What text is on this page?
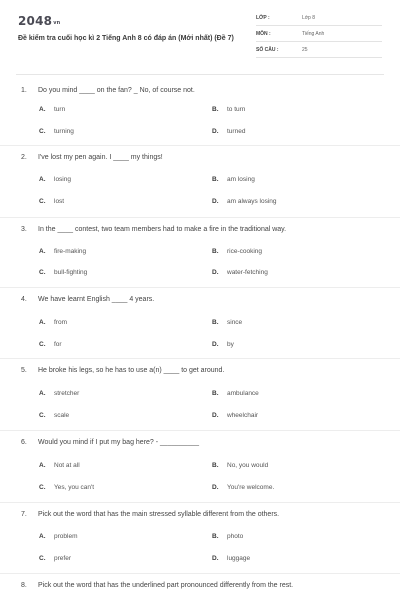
$2048^{vn}$
Đề kiểm tra cuối học kì 2 Tiếng Anh 8 có đáp án (Mới nhất) (Đề 7)
LỚP :	Lớp 8
MÔN :	Tiếng Anh
SỐ CÂU :	25
1. Do you mind ____ on the fan? _ No, of course not.
A. turn	B. to turn
C. turning	D. turned
2. I've lost my pen again. I ____ my things!
A. losing	B. am losing
C. lost	D. am always losing
3. In the ____ contest, two team members had to make a fire in the traditional way.
A. fire-making	B. rice-cooking
C. bull-fighting	D. water-fetching
4. We have learnt English ____ 4 years.
A. from	B. since
C. for	D. by
5. He broke his legs, so he has to use a(n) ____ to get around.
A. stretcher	B. ambulance
C. scale	D. wheelchair
6. Would you mind if I put my bag here? - __________
A. Not at all	B. No, you would
C. Yes, you can't	D. You're welcome.
7. Pick out the word that has the main stressed syllable different from the others.
A. problem	B. photo
C. prefer	D. luggage
8. Pick out the word that has the underlined part pronounced differently from the rest.
